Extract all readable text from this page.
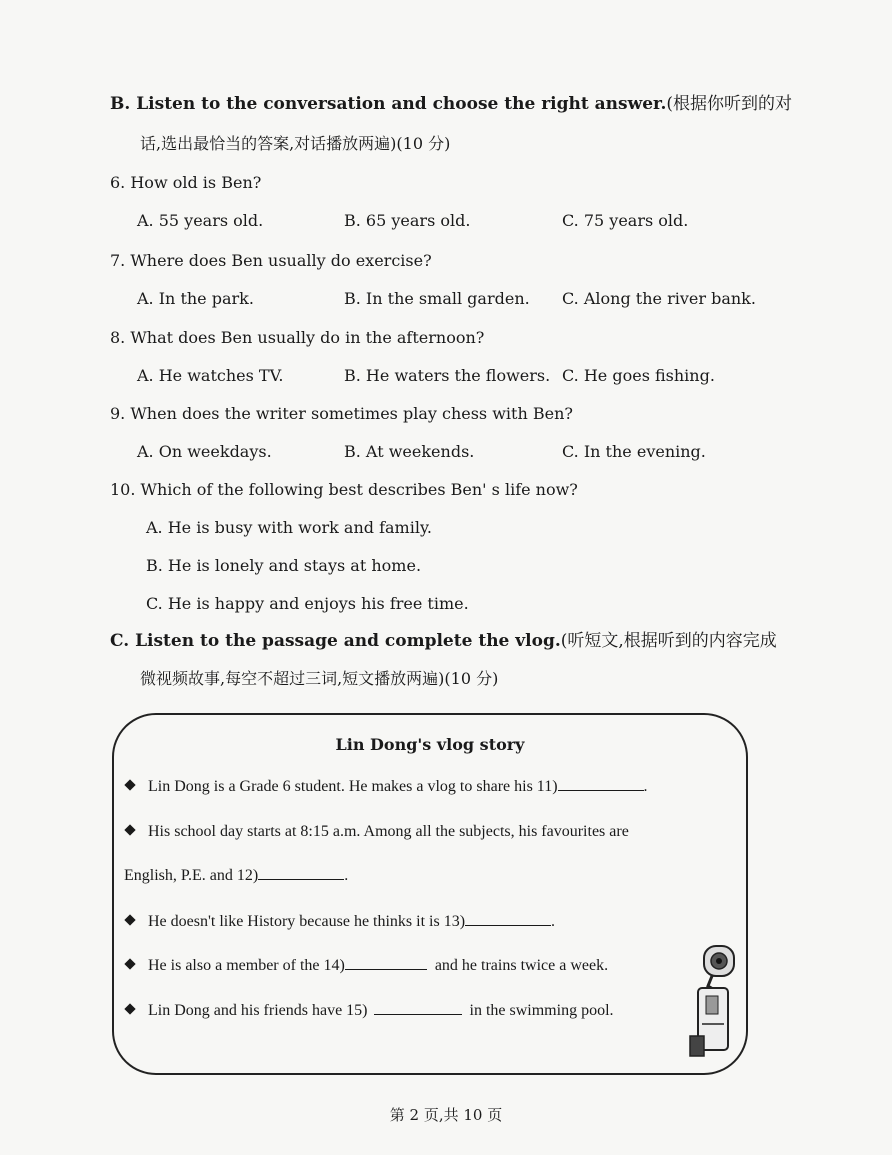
B. Listen to the conversation and choose the right answer.(根据你听到的对
话,选出最恰当的答案,对话播放两遍)(10 分)
6. How old is Ben?
A. 55 years old.	B. 65 years old.	C. 75 years old.
7. Where does Ben usually do exercise?
A. In the park.	B. In the small garden. C. Along the river bank.
8. What does Ben usually do in the afternoon?
A. He watches TV.	B. He waters the flowers. C. He goes fishing.
9. When does the writer sometimes play chess with Ben?
A. On weekdays.	B. At weekends.	C. In the evening.
10. Which of the following best describes Ben' s life now?
A. He is busy with work and family.
B. He is lonely and stays at home.
C. He is happy and enjoys his free time.
C. Listen to the passage and complete the vlog.(听短文,根据听到的内容完成
微视频故事,每空不超过三词,短文播放两遍)(10 分)
Lin Dong's vlog story
Lin Dong is a Grade 6 student. He makes a vlog to share his 11)	.
His school day starts at 8:15 a.m. Among all the subjects, his favourites are
English, P.E. and 12)	.
He doesn't like History because he thinks it is 13)	.
He is also a member of the 14)	and he trains twice a week.
Lin Dong and his friends have 15)	in the swimming pool.
第 2 页,共 10 页
